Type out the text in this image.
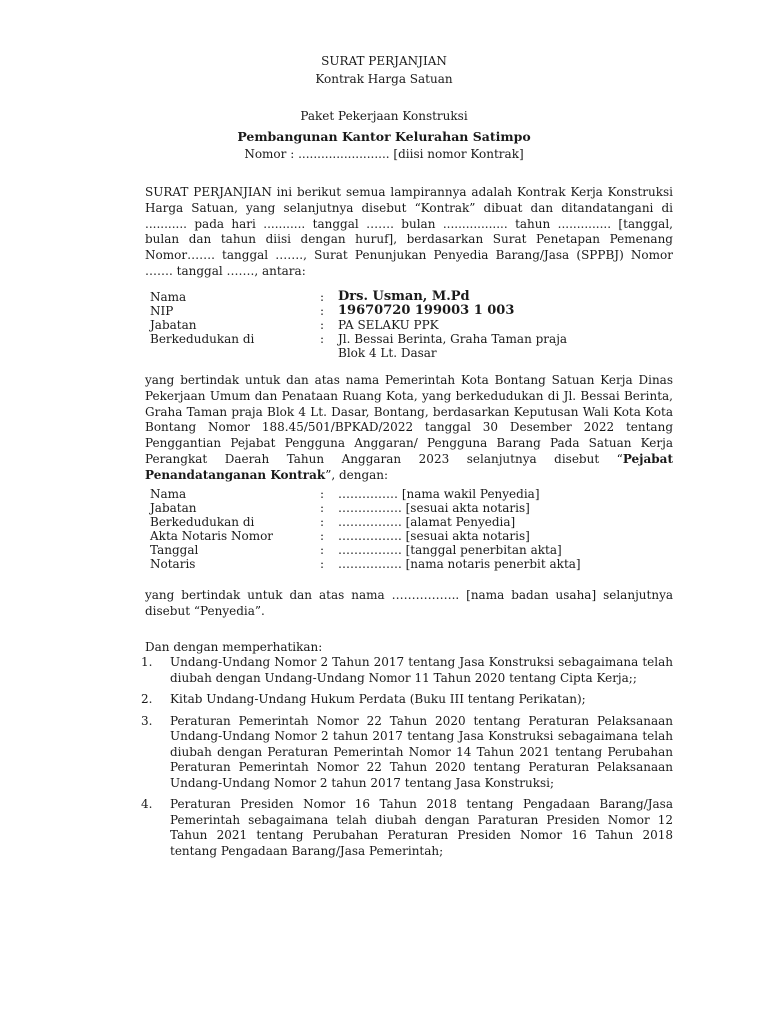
SURAT PERJANJIAN
Kontrak Harga Satuan
Paket Pekerjaan Konstruksi
Pembangunan Kantor Kelurahan Satimpo
Nomor : ........................ [diisi nomor Kontrak]
SURAT PERJANJIAN ini berikut semua lampirannya adalah Kontrak Kerja Konstruksi Harga Satuan, yang selanjutnya disebut “Kontrak” dibuat dan ditandatangani di ........... pada hari ........... tanggal ……. bulan ................. tahun .............. [tanggal, bulan dan tahun diisi dengan huruf], berdasarkan Surat Penetapan Pemenang Nomor……. tanggal ……., Surat Penunjukan Penyedia Barang/Jasa (SPPBJ) Nomor ……. tanggal ……., antara:
Nama	:	Drs. Usman, M.Pd
NIP	:	19670720 199003 1 003
Jabatan	:	PA SELAKU PPK
Berkedudukan di	:	Jl. Bessai Berinta, Graha Taman praja
Blok 4 Lt. Dasar
yang bertindak untuk dan atas nama Pemerintah Kota Bontang Satuan Kerja Dinas Pekerjaan Umum dan Penataan Ruang Kota, yang berkedudukan di Jl. Bessai Berinta, Graha Taman praja Blok 4 Lt. Dasar, Bontang, berdasarkan Keputusan Wali Kota Kota Bontang Nomor 188.45/501/BPKAD/2022 tanggal 30 Desember 2022 tentang Penggantian Pejabat Pengguna Anggaran/ Pengguna Barang Pada Satuan Kerja Perangkat Daerah Tahun Anggaran 2023 selanjutnya disebut “Pejabat Penandatanganan Kontrak”, dengan:
Nama	:	…………… [nama wakil Penyedia]
Jabatan	:	……………. [sesuai akta notaris]
Berkedudukan di	:	……………. [alamat Penyedia]
Akta Notaris Nomor	:	……………. [sesuai akta notaris]
Tanggal	:	……………. [tanggal penerbitan akta]
Notaris	:	……………. [nama notaris penerbit akta]
yang bertindak untuk dan atas nama …………….. [nama badan usaha] selanjutnya disebut “Penyedia”.
Dan dengan memperhatikan:
1.	Undang-Undang Nomor 2 Tahun 2017 tentang Jasa Konstruksi sebagaimana telah diubah dengan Undang-Undang Nomor 11 Tahun 2020 tentang Cipta Kerja;;
2.	Kitab Undang-Undang Hukum Perdata (Buku III tentang Perikatan);
3.	Peraturan Pemerintah Nomor 22 Tahun 2020 tentang Peraturan Pelaksanaan Undang-Undang Nomor 2 tahun 2017 tentang Jasa Konstruksi sebagaimana telah diubah dengan Peraturan Pemerintah Nomor 14 Tahun 2021 tentang Perubahan Peraturan Pemerintah Nomor 22 Tahun 2020 tentang Peraturan Pelaksanaan Undang-Undang Nomor 2 tahun 2017 tentang Jasa Konstruksi;
4.	Peraturan Presiden Nomor 16 Tahun 2018 tentang Pengadaan Barang/Jasa Pemerintah sebagaimana telah diubah dengan Paraturan Presiden Nomor 12 Tahun 2021 tentang Perubahan Peraturan Presiden Nomor 16 Tahun 2018 tentang Pengadaan Barang/Jasa Pemerintah;
